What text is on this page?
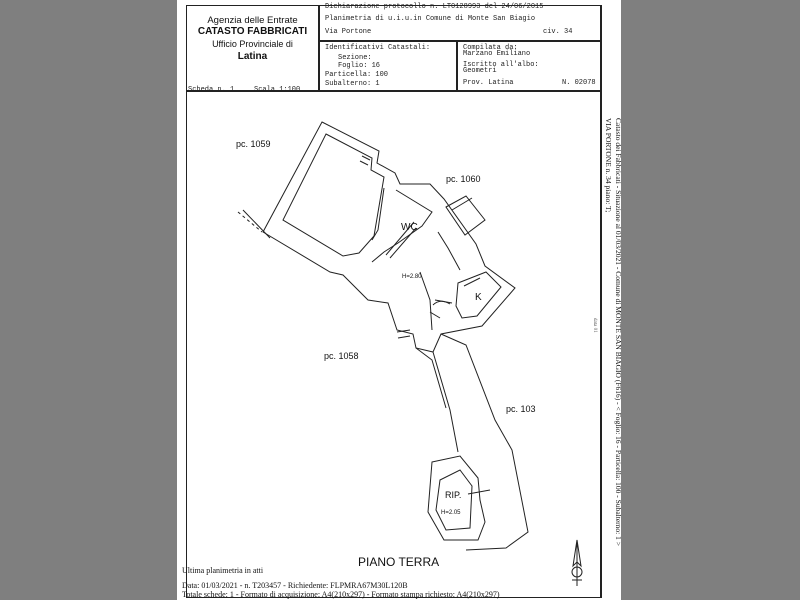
Agenzia delle Entrate
CATASTO FABBRICATI
Ufficio Provinciale di
Latina
Dichiarazione protocollo n. LT0128993 del 24/06/2015
Planimetria di u.i.u.in Comune di Monte San Biagio
Via Portone	civ. 34
Identificativi Catastali:
Sezione:
Foglio: 16
Particella: 100
Subalterno: 1
Compilata da:
Marzano Emiliano
Iscritto all'albo:
Geometri
Prov. Latina	N. 02078
Scheda n. 1	Scala 1:100
pc. 1059
pc. 1060
pc. 1058
pc. 103
WC
H=2.80
K
RIP.
H=2.05
PIANO TERRA
Catasto dei Fabbricati - Situazione al 01/03/2021 - Comune di MONTE SAN BIAGIO (F616) - < Foglio: 16 - Particella: 100 - Subalterno: 1 >
VIA PORTONE n. 34 piano: T;
data 01
Ultima planimetria in atti
Data: 01/03/2021 - n. T203457 - Richiedente: FLPMRA67M30L120B
Totale schede: 1 - Formato di acquisizione: A4(210x297) - Formato stampa richiesto: A4(210x297)
